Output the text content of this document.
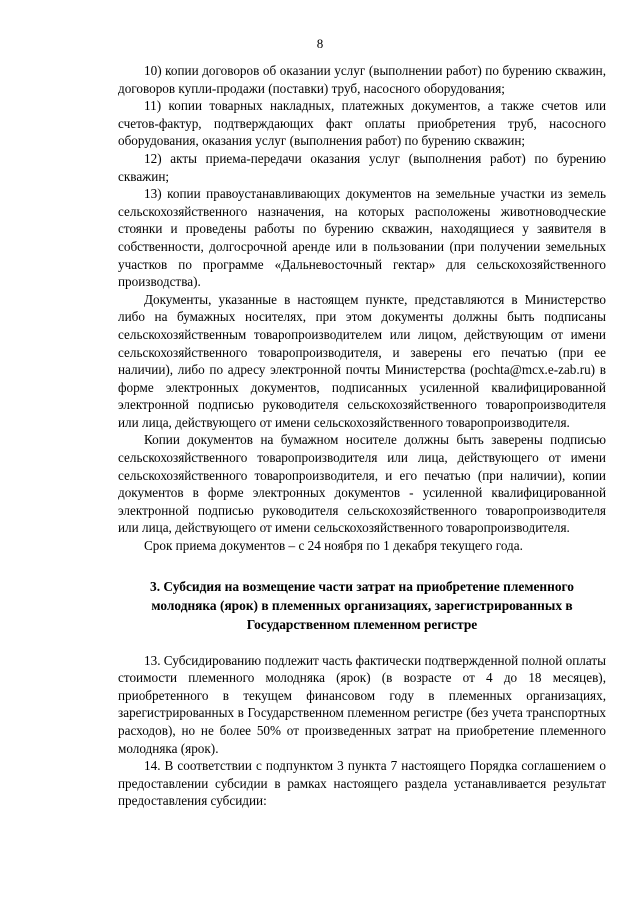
8

10) копии договоров об оказании услуг (выполнении работ) по бурению скважин, договоров купли-продажи (поставки) труб, насосного оборудования;

11) копии товарных накладных, платежных документов, а также счетов или счетов-фактур, подтверждающих факт оплаты приобретения труб, насосного оборудования, оказания услуг (выполнения работ) по бурению скважин;

12) акты приема-передачи оказания услуг (выполнения работ) по бурению скважин;

13) копии правоустанавливающих документов на земельные участки из земель сельскохозяйственного назначения, на которых расположены животноводческие стоянки и проведены работы по бурению скважин, находящиеся у заявителя в собственности, долгосрочной аренде или в пользовании (при получении земельных участков по программе «Дальневосточный гектар» для сельскохозяйственного производства).

Документы, указанные в настоящем пункте, представляются в Министерство либо на бумажных носителях, при этом документы должны быть подписаны сельскохозяйственным товаропроизводителем или лицом, действующим от имени сельскохозяйственного товаропроизводителя, и заверены его печатью (при ее наличии), либо по адресу электронной почты Министерства (pochta@mcx.e-zab.ru) в форме электронных документов, подписанных усиленной квалифицированной электронной подписью руководителя сельскохозяйственного товаропроизводителя или лица, действующего от имени сельскохозяйственного товаропроизводителя.

Копии документов на бумажном носителе должны быть заверены подписью сельскохозяйственного товаропроизводителя или лица, действующего от имени сельскохозяйственного товаропроизводителя, и его печатью (при наличии), копии документов в форме электронных документов - усиленной квалифицированной электронной подписью руководителя сельскохозяйственного товаропроизводителя или лица, действующего от имени сельскохозяйственного товаропроизводителя.

Срок приема документов – с 24 ноября по 1 декабря текущего года.

3. Субсидия на возмещение части затрат на приобретение племенного молодняка (ярок) в племенных организациях, зарегистрированных в Государственном племенном регистре

13. Субсидированию подлежит часть фактически подтвержденной полной оплаты стоимости племенного молодняка (ярок) (в возрасте от 4 до 18 месяцев), приобретенного в текущем финансовом году в племенных организациях, зарегистрированных в Государственном племенном регистре (без учета транспортных расходов), но не более 50% от произведенных затрат на приобретение племенного молодняка (ярок).

14. В соответствии с подпунктом 3 пункта 7 настоящего Порядка соглашением о предоставлении субсидии в рамках настоящего раздела устанавливается результат предоставления субсидии:
